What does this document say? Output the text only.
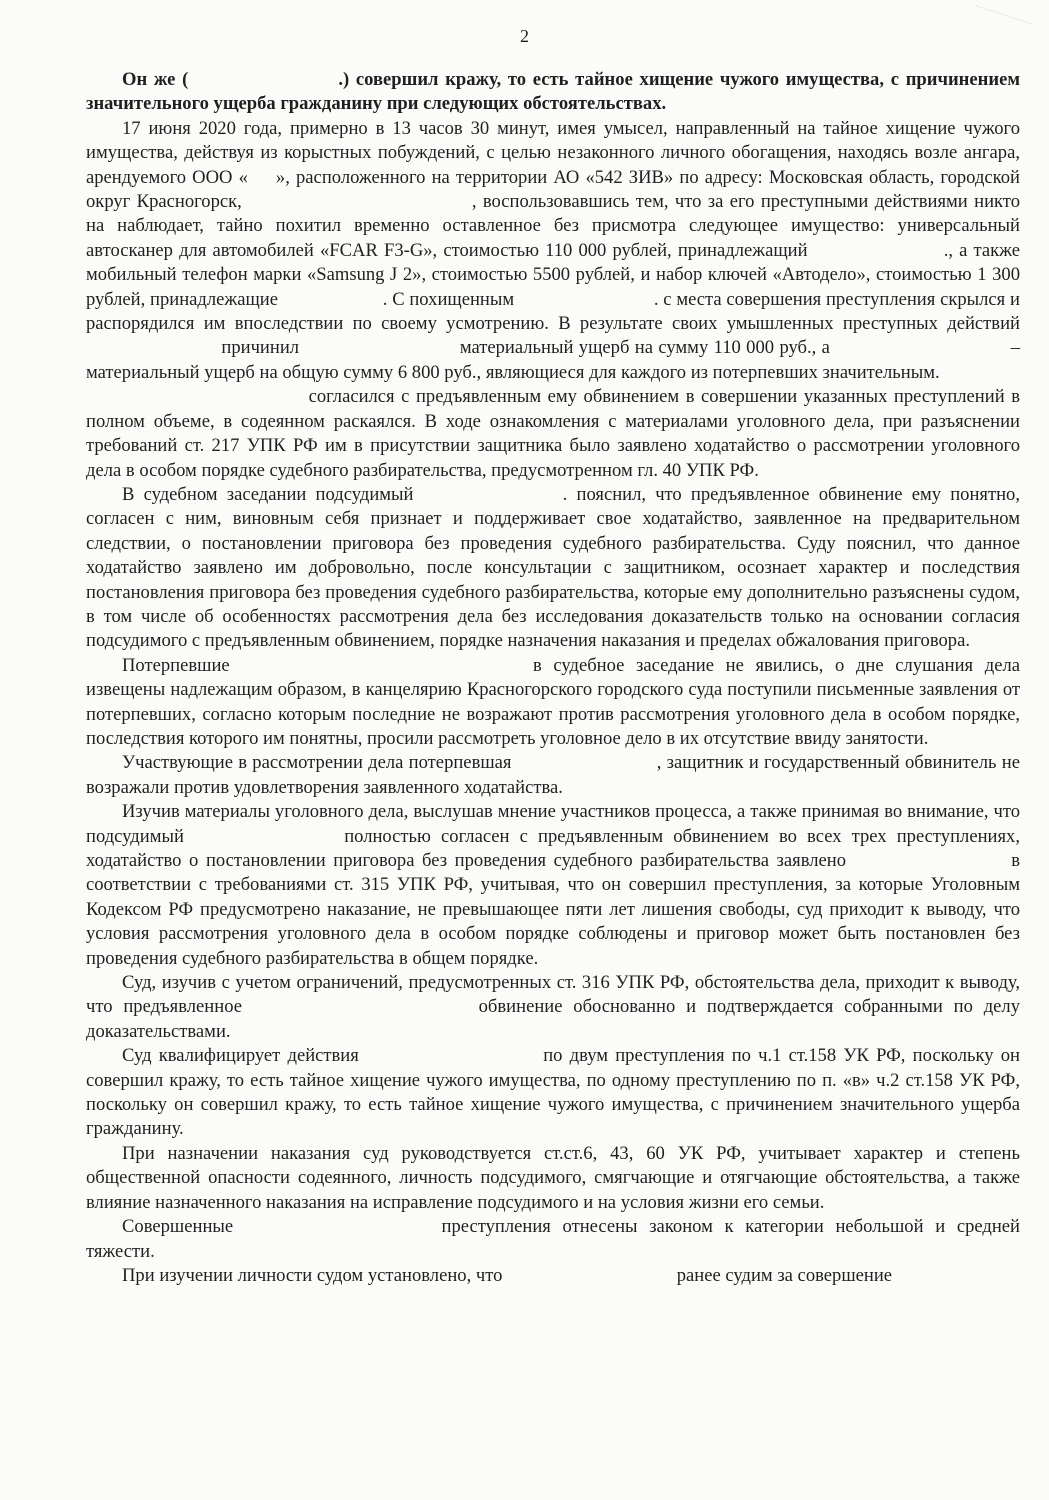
2

Он же (	.) совершил кражу, то есть тайное хищение чужого имущества, с причинением значительного ущерба гражданину при следующих обстоятельствах.

17 июня 2020 года, примерно в 13 часов 30 минут, имея умысел, направленный на тайное хищение чужого имущества, действуя из корыстных побуждений, с целью незаконного личного обогащения, находясь возле ангара, арендуемого ООО « », расположенного на территории АО «542 ЗИВ» по адресу: Московская область, городской округ Красногорск,	, воспользовавшись тем, что за его преступными действиями никто на наблюдает, тайно похитил временно оставленное без присмотра следующее имущество: универсальный автосканер для автомобилей «FCAR F3-G», стоимостью 110 000 рублей, принадлежащий	., а также мобильный телефон марки «Samsung J 2», стоимостью 5500 рублей, и набор ключей «Автодело», стоимостью 1 300 рублей, принадлежащие	. С похищенным	. с места совершения преступления скрылся и распорядился им впоследствии по своему усмотрению. В результате своих умышленных преступных действий  причинил	материальный ущерб на сумму 110 000 руб., а	– материальный ущерб на общую сумму 6 800 руб., являющиеся для каждого из потерпевших значительным.

согласился с предъявленным ему обвинением в совершении указанных преступлений в полном объеме, в содеянном раскаялся. В ходе ознакомления с материалами уголовного дела, при разъяснении требований ст. 217 УПК РФ им в присутствии защитника было заявлено ходатайство о рассмотрении уголовного дела в особом порядке судебного разбирательства, предусмотренном гл. 40 УПК РФ.

В судебном заседании подсудимый	. пояснил, что предъявленное обвинение ему понятно, согласен с ним, виновным себя признает и поддерживает свое ходатайство, заявленное на предварительном следствии, о постановлении приговора без проведения судебного разбирательства. Суду пояснил, что данное ходатайство заявлено им добровольно, после консультации с защитником, осознает характер и последствия постановления приговора без проведения судебного разбирательства, которые ему дополнительно разъяснены судом, в том числе об особенностях рассмотрения дела без исследования доказательств только на основании согласия подсудимого с предъявленным обвинением, порядке назначения наказания и пределах обжалования приговора.

Потерпевшие	в судебное заседание не явились, о дне слушания дела извещены надлежащим образом, в канцелярию Красногорского городского суда поступили письменные заявления от потерпевших, согласно которым последние не возражают против рассмотрения уголовного дела в особом порядке, последствия которого им понятны, просили рассмотреть уголовное дело в их отсутствие ввиду занятости.

Участвующие в рассмотрении дела потерпевшая	, защитник и государственный обвинитель не возражали против удовлетворения заявленного ходатайства.

Изучив материалы уголовного дела, выслушав мнение участников процесса, а также принимая во внимание, что подсудимый	полностью согласен с предъявленным обвинением во всех трех преступлениях, ходатайство о постановлении приговора без проведения судебного разбирательства заявлено	в соответствии с требованиями ст. 315 УПК РФ, учитывая, что он совершил преступления, за которые Уголовным Кодексом РФ предусмотрено наказание, не превышающее пяти лет лишения свободы, суд приходит к выводу, что условия рассмотрения уголовного дела в особом порядке соблюдены и приговор может быть постановлен без проведения судебного разбирательства в общем порядке.

Суд, изучив с учетом ограничений, предусмотренных ст. 316 УПК РФ, обстоятельства дела, приходит к выводу, что предъявленное	обвинение обоснованно и подтверждается собранными по делу доказательствами.

Суд квалифицирует действия	по двум преступления по ч.1 ст.158 УК РФ, поскольку он совершил кражу, то есть тайное хищение чужого имущества, по одному преступлению по п. «в» ч.2 ст.158 УК РФ, поскольку он совершил кражу, то есть тайное хищение чужого имущества, с причинением значительного ущерба гражданину.

При назначении наказания суд руководствуется ст.ст.6, 43, 60 УК РФ, учитывает характер и степень общественной опасности содеянного, личность подсудимого, смягчающие и отягчающие обстоятельства, а также влияние назначенного наказания на исправление подсудимого и на условия жизни его семьи.

Совершенные	преступления отнесены законом к категории небольшой и средней тяжести.

При изучении личности судом установлено, что	ранее судим за совершение
